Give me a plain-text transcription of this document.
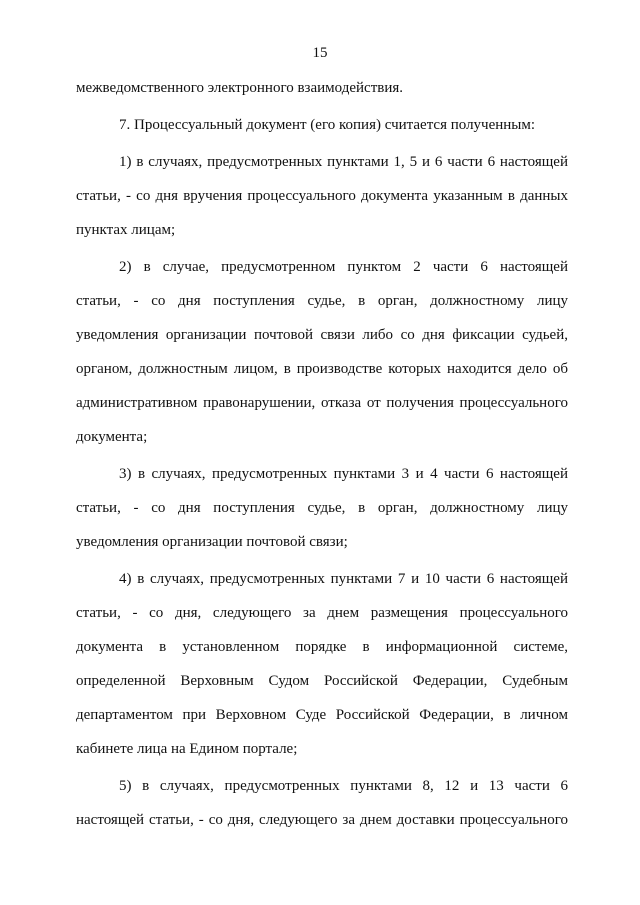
15
межведомственного электронного взаимодействия.
7. Процессуальный документ (его копия) считается полученным:
1) в случаях, предусмотренных пунктами 1, 5 и 6 части 6 настоящей
статьи, - со дня вручения процессуального документа указанным в данных
пунктах лицам;
2) в случае, предусмотренном пунктом 2 части 6 настоящей
статьи, - со дня поступления судье, в орган, должностному лицу
уведомления организации почтовой связи либо со дня фиксации судьей,
органом, должностным лицом, в производстве которых находится дело об
административном правонарушении, отказа от получения процессуального
документа;
3) в случаях, предусмотренных пунктами 3 и 4 части 6 настоящей
статьи, - со дня поступления судье, в орган, должностному лицу
уведомления организации почтовой связи;
4) в случаях, предусмотренных пунктами 7 и 10 части 6 настоящей
статьи, - со дня, следующего за днем размещения процессуального
документа в установленном порядке в информационной системе,
определенной Верховным Судом Российской Федерации, Судебным
департаментом при Верховном Суде Российской Федерации, в личном
кабинете лица на Едином портале;
5) в случаях, предусмотренных пунктами 8, 12 и 13 части 6
настоящей статьи, - со дня, следующего за днем доставки процессуального
